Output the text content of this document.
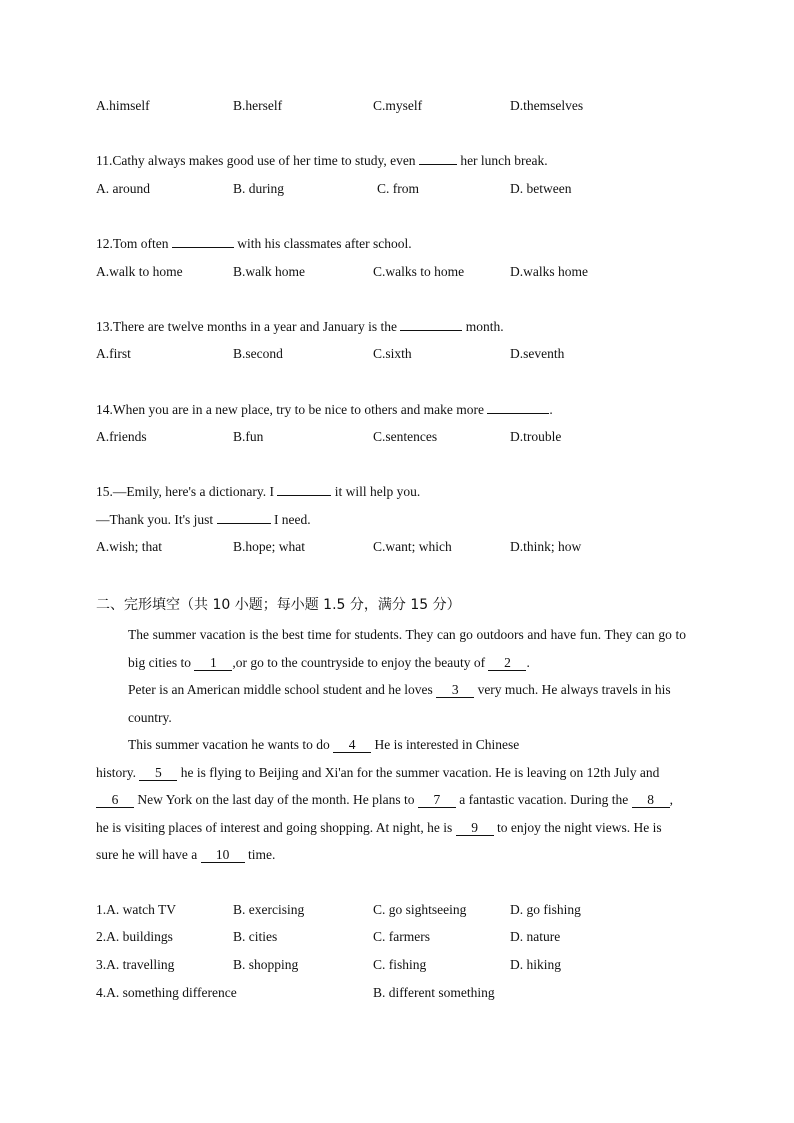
A.himself	B.herself	C.myself	D.themselves
11.Cathy always makes good use of her time to study, even	her lunch break.
A. around	B. during	C. from	D. between
12.Tom often	with his classmates after school.
A.walk to home	B.walk home	C.walks to home	D.walks home
13.There are twelve months in a year and January is the	month.
A.first	B.second	C.sixth	D.seventh
14.When you are in a new place, try to be nice to others and make more	.
A.friends	B.fun	C.sentences	D.trouble
15.—Emily, here's a dictionary. I	it will help you.
—Thank you. It's just	I need.
A.wish; that	B.hope; what	C.want; which	D.think; how
二、完形填空（共 10 小题；每小题 1.5 分，满分 15 分）
The summer vacation is the best time for students. They can go outdoors and have fun. They can go to big cities to 1 ,or go to the countryside to enjoy the beauty of 2 .
Peter is an American middle school student and he loves 3 very much. He always travels in his country.
This summer vacation he wants to do 4 He is interested in Chinese
history. 5 he is flying to Beijing and Xi'an for the summer vacation. He is leaving on 12th July and 6 New York on the last day of the month. He plans to 7 a fantastic vacation. During the 8 , he is visiting places of interest and going shopping. At night, he is 9 to enjoy the night views. He is sure he will have a 10 time.
1.A. watch TV	B. exercising	C. go sightseeing	D. go fishing
2.A. buildings	B. cities	C. farmers	D. nature
3.A. travelling	B. shopping	C. fishing	D. hiking
4.A. something difference	B. different something
